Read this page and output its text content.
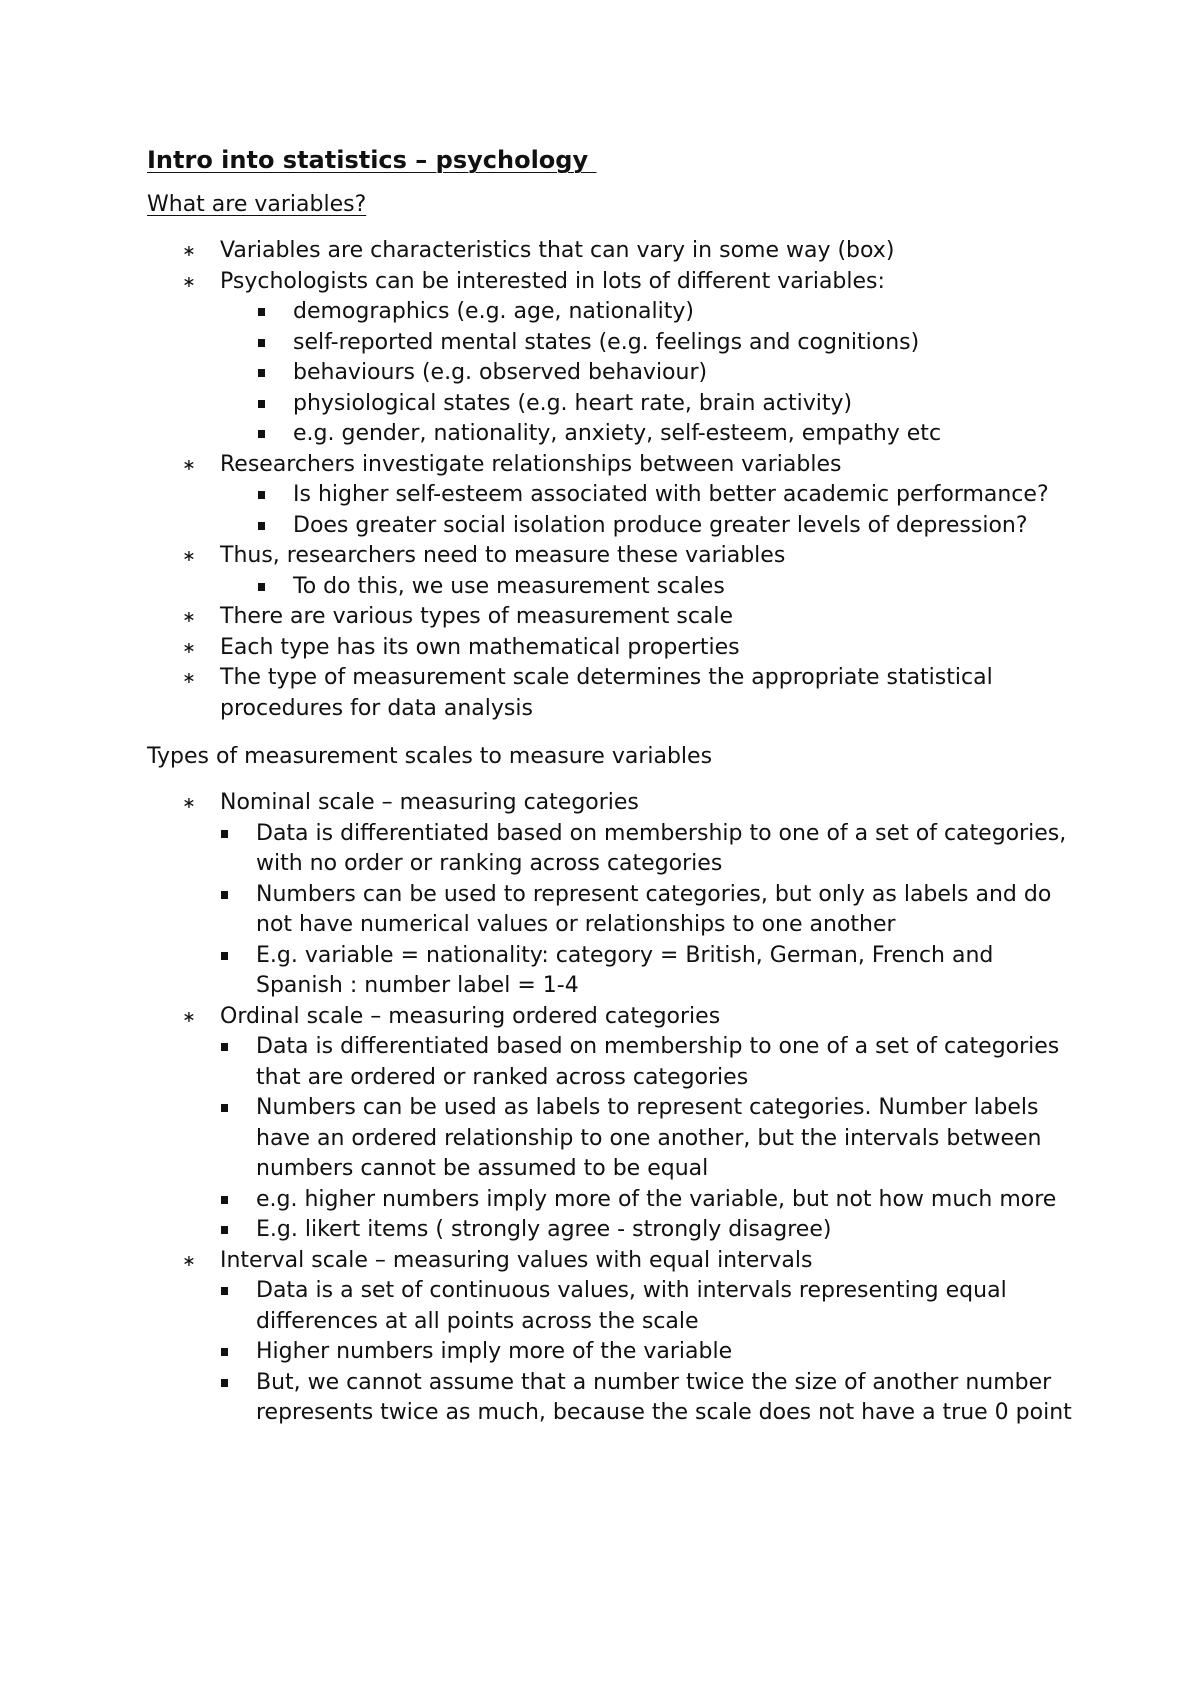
Intro into statistics – psychology
What are variables?
∗ Variables are characteristics that can vary in some way (box)
∗ Psychologists can be interested in lots of different variables:
demographics (e.g. age, nationality)
self-reported mental states (e.g. feelings and cognitions)
behaviours (e.g. observed behaviour)
physiological states (e.g. heart rate, brain activity)
e.g. gender, nationality, anxiety, self-esteem, empathy etc
∗ Researchers investigate relationships between variables
Is higher self-esteem associated with better academic performance?
Does greater social isolation produce greater levels of depression?
∗ Thus, researchers need to measure these variables
To do this, we use measurement scales
∗ There are various types of measurement scale
∗ Each type has its own mathematical properties
∗ The type of measurement scale determines the appropriate statistical procedures for data analysis
Types of measurement scales to measure variables
∗ Nominal scale – measuring categories
Data is differentiated based on membership to one of a set of categories, with no order or ranking across categories
Numbers can be used to represent categories, but only as labels and do not have numerical values or relationships to one another
E.g. variable = nationality: category = British, German, French and Spanish : number label = 1-4
∗ Ordinal scale – measuring ordered categories
Data is differentiated based on membership to one of a set of categories that are ordered or ranked across categories
Numbers can be used as labels to represent categories. Number labels have an ordered relationship to one another, but the intervals between numbers cannot be assumed to be equal
e.g. higher numbers imply more of the variable, but not how much more
E.g. likert items ( strongly agree - strongly disagree)
∗ Interval scale – measuring values with equal intervals
Data is a set of continuous values, with intervals representing equal differences at all points across the scale
Higher numbers imply more of the variable
But, we cannot assume that a number twice the size of another number represents twice as much, because the scale does not have a true 0 point
